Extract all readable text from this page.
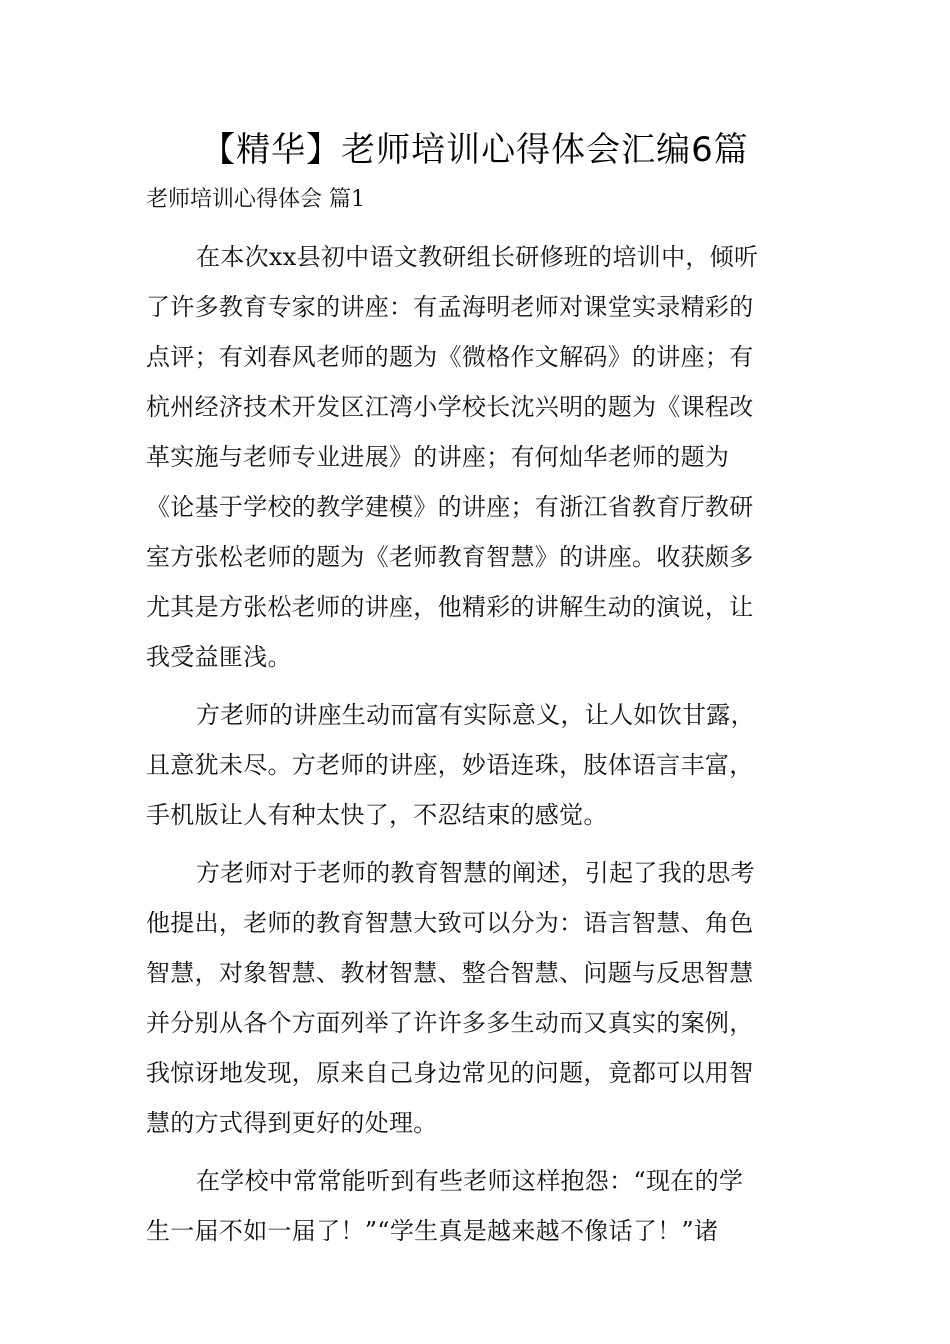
【精华】老师培训心得体会汇编6篇
老师培训心得体会 篇1
在本次xx县初中语文教研组长研修班的培训中，倾听
了许多教育专家的讲座：有孟海明老师对课堂实录精彩的
点评；有刘春风老师的题为《微格作文解码》的讲座；有
杭州经济技术开发区江湾小学校长沈兴明的题为《课程改
革实施与老师专业进展》的讲座；有何灿华老师的题为
《论基于学校的教学建模》的讲座；有浙江省教育厅教研
室方张松老师的题为《老师教育智慧》的讲座。收获颇多
尤其是方张松老师的讲座，他精彩的讲解生动的演说，让
我受益匪浅。
方老师的讲座生动而富有实际意义，让人如饮甘露，
且意犹未尽。方老师的讲座，妙语连珠，肢体语言丰富，
手机版让人有种太快了，不忍结束的感觉。
方老师对于老师的教育智慧的阐述，引起了我的思考
他提出，老师的教育智慧大致可以分为：语言智慧、角色
智慧，对象智慧、教材智慧、整合智慧、问题与反思智慧
并分别从各个方面列举了许许多多生动而又真实的案例，
我惊讶地发现，原来自己身边常见的问题，竟都可以用智
慧的方式得到更好的处理。
在学校中常常能听到有些老师这样抱怨：“现在的学
生一届不如一届了！”“学生真是越来越不像话了！”诸
